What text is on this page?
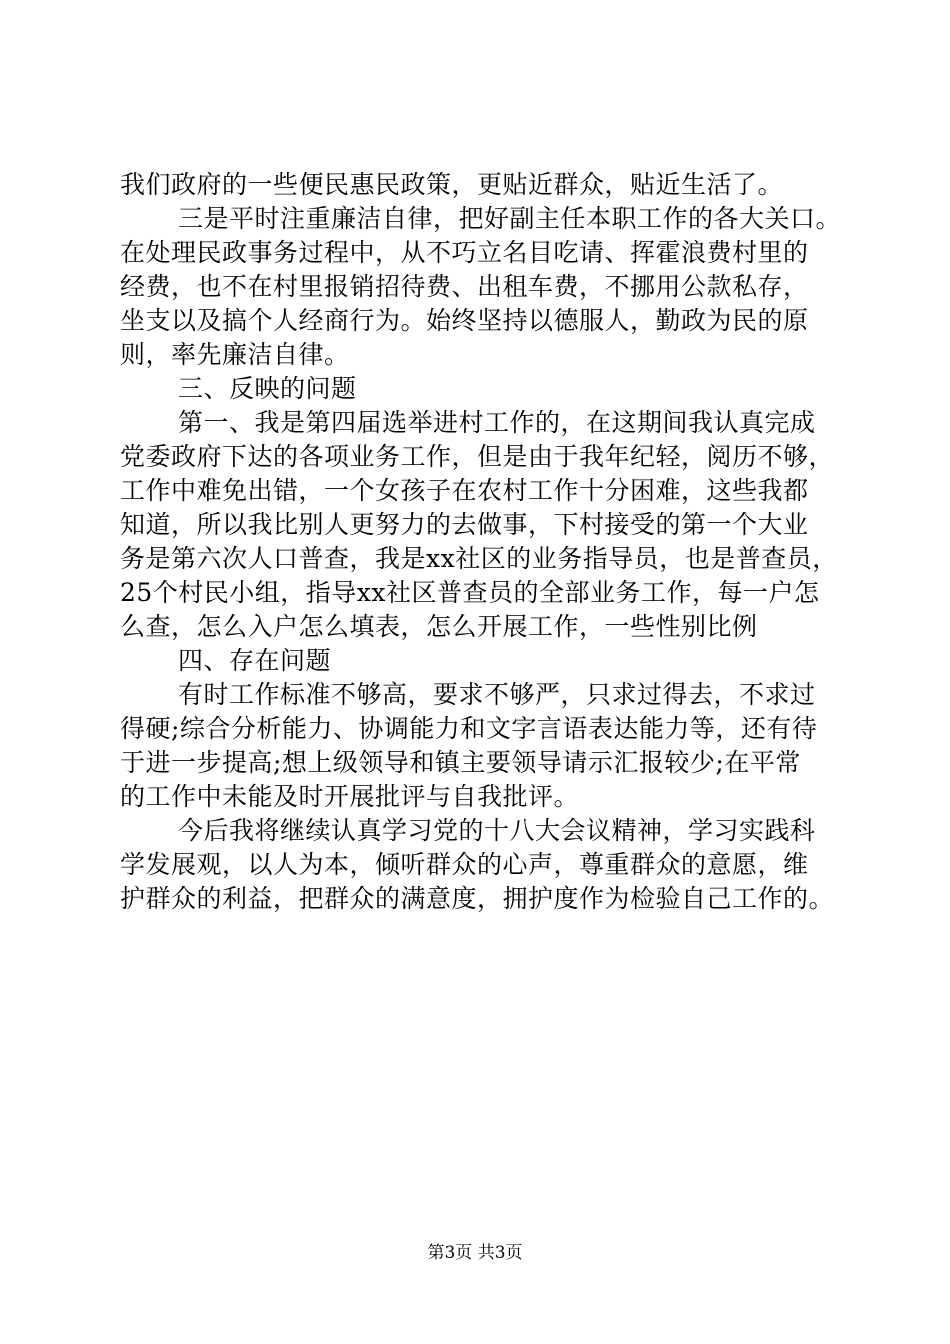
我们政府的一些便民惠民政策，更贴近群众，贴近生活了。
三是平时注重廉洁自律，把好副主任本职工作的各大关口。
在处理民政事务过程中，从不巧立名目吃请、挥霍浪费村里的
经费，也不在村里报销招待费、出租车费，不挪用公款私存，
坐支以及搞个人经商行为。始终坚持以德服人，勤政为民的原
则，率先廉洁自律。
三、反映的问题
第一、我是第四届选举进村工作的，在这期间我认真完成
党委政府下达的各项业务工作，但是由于我年纪轻，阅历不够，
工作中难免出错，一个女孩子在农村工作十分困难，这些我都
知道，所以我比别人更努力的去做事，下村接受的第一个大业
务是第六次人口普查，我是xx社区的业务指导员，也是普查员，
25个村民小组，指导xx社区普查员的全部业务工作，每一户怎
么查，怎么入户怎么填表，怎么开展工作，一些性别比例
四、存在问题
有时工作标准不够高，要求不够严，只求过得去，不求过
得硬;综合分析能力、协调能力和文字言语表达能力等，还有待
于进一步提高;想上级领导和镇主要领导请示汇报较少;在平常
的工作中未能及时开展批评与自我批评。
今后我将继续认真学习党的十八大会议精神，学习实践科
学发展观，以人为本，倾听群众的心声，尊重群众的意愿，维
护群众的利益，把群众的满意度，拥护度作为检验自己工作的。
第3页 共3页
